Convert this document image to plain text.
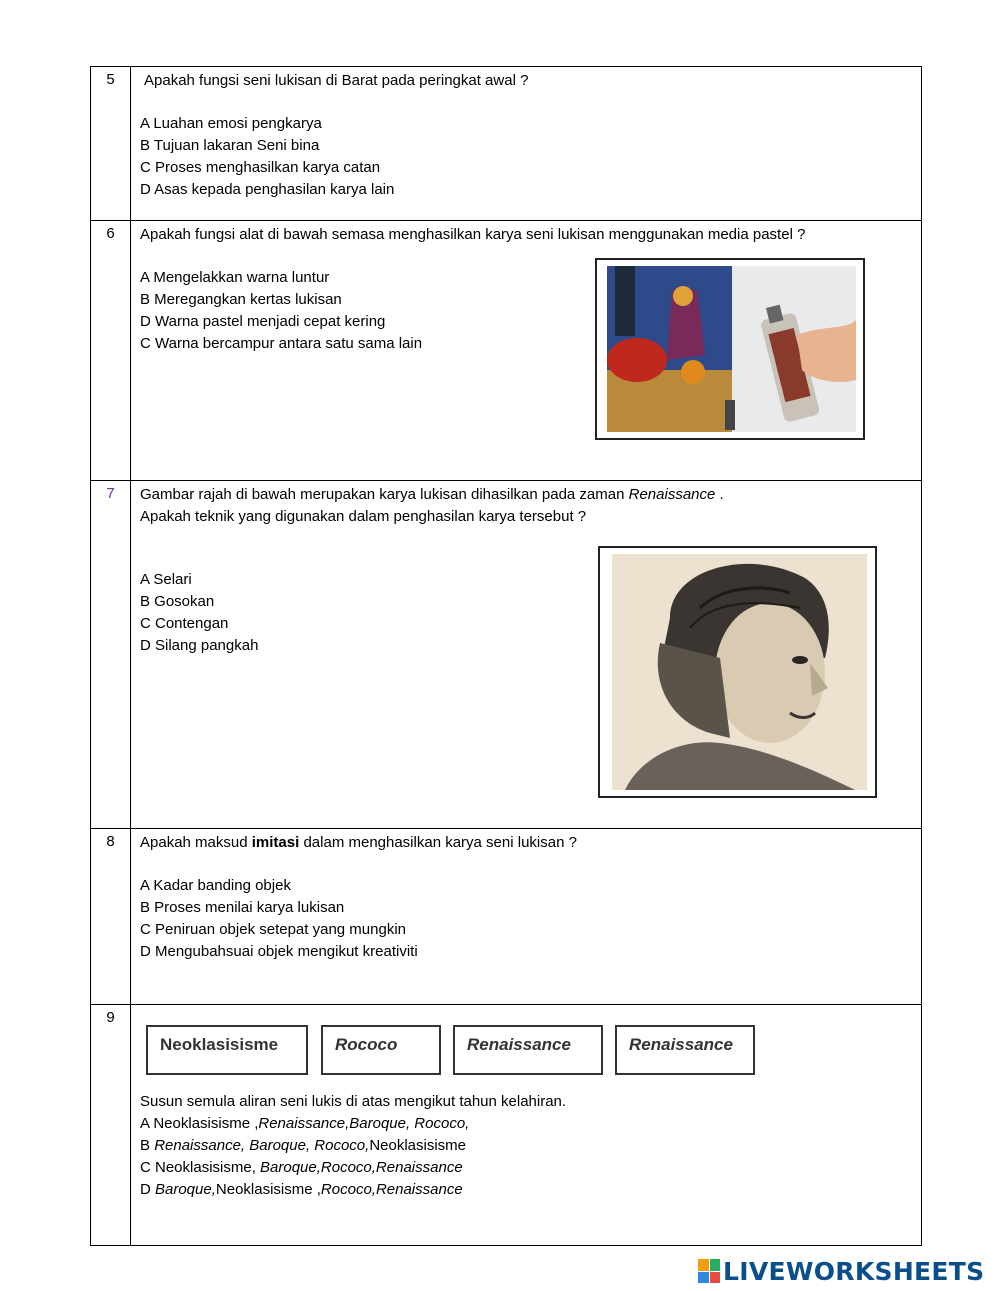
5	Apakah fungsi seni lukisan di Barat pada peringkat awal ?

A Luahan emosi pengkarya

B Tujuan lakaran Seni bina

C Proses menghasilkan karya catan

D Asas kepada penghasilan karya lain

6	Apakah fungsi alat di bawah semasa menghasilkan karya seni lukisan menggunakan media pastel ?

A Mengelakkan warna luntur

B Meregangkan kertas lukisan

D Warna pastel menjadi cepat kering

C Warna bercampur antara satu sama lain

7	Gambar rajah di bawah merupakan karya lukisan dihasilkan pada zaman Renaissance .

Apakah teknik yang digunakan dalam penghasilan karya tersebut ?

A Selari

B Gosokan

C Contengan

D Silang pangkah

8	Apakah maksud imitasi dalam menghasilkan karya seni lukisan ?

A Kadar banding objek

B Proses menilai karya lukisan

C Peniruan objek setepat yang mungkin

D Mengubahsuai objek mengikut kreativiti

9
Neoklasisisme	Rococo	Renaissance	Renaissance

Susun semula aliran seni lukis di atas mengikut tahun kelahiran.

A Neoklasisisme ,Renaissance,Baroque, Rococo,

B Renaissance, Baroque, Rococo,Neoklasisisme

C Neoklasisisme, Baroque,Rococo,Renaissance

D Baroque,Neoklasisisme ,Rococo,Renaissance

LIVEWORKSHEETS
